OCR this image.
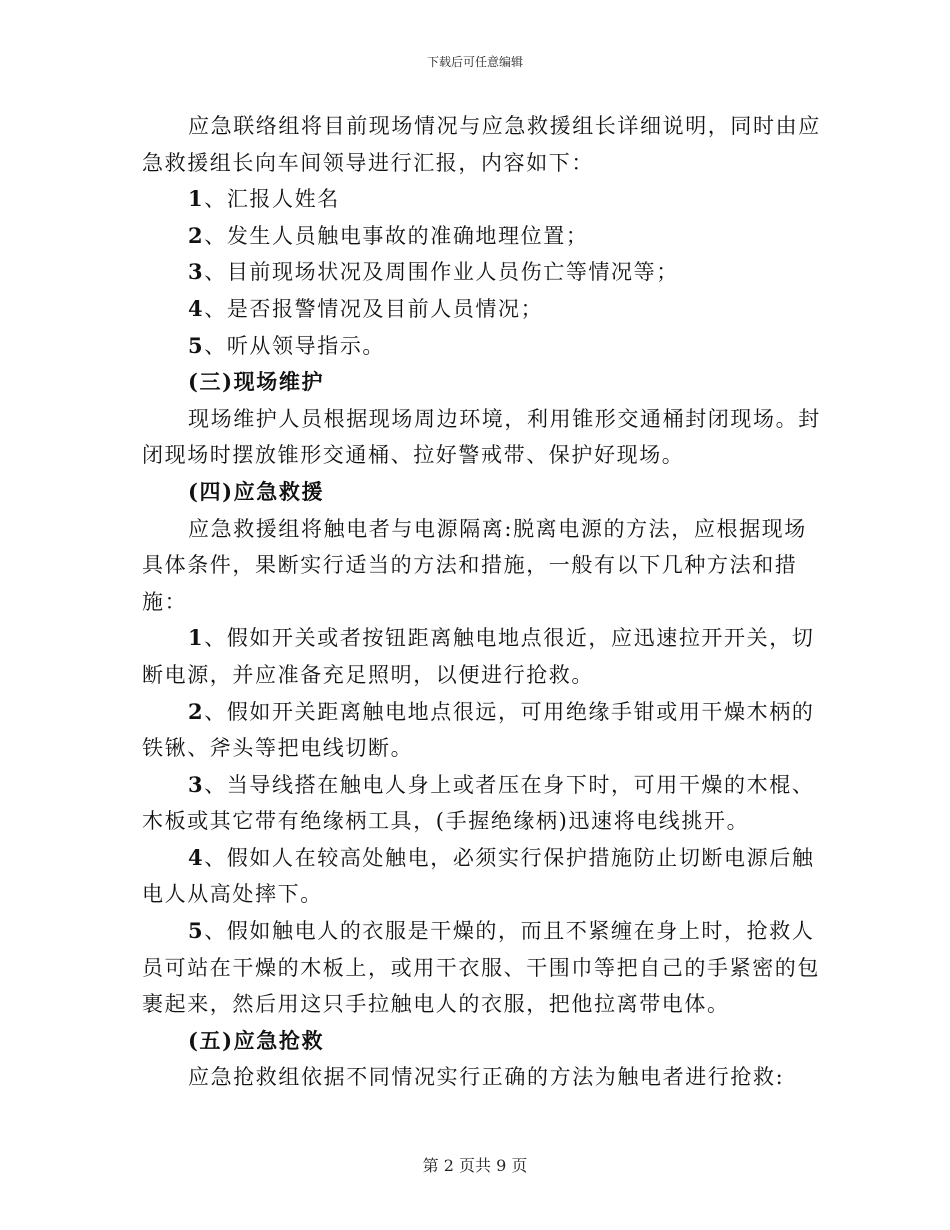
下载后可任意编辑

应急联络组将目前现场情况与应急救援组长详细说明，同时由应急救援组长向车间领导进行汇报，内容如下：

1、汇报人姓名

2、发生人员触电事故的准确地理位置；

3、目前现场状况及周围作业人员伤亡等情况等；

4、是否报警情况及目前人员情况；

5、听从领导指示。

(三)现场维护

现场维护人员根据现场周边环境，利用锥形交通桶封闭现场。封闭现场时摆放锥形交通桶、拉好警戒带、保护好现场。

(四)应急救援

应急救援组将触电者与电源隔离:脱离电源的方法，应根据现场具体条件，果断实行适当的方法和措施，一般有以下几种方法和措施：

1、假如开关或者按钮距离触电地点很近，应迅速拉开开关，切断电源，并应准备充足照明，以便进行抢救。

2、假如开关距离触电地点很远，可用绝缘手钳或用干燥木柄的铁锹、斧头等把电线切断。

3、当导线搭在触电人身上或者压在身下时，可用干燥的木棍、木板或其它带有绝缘柄工具，(手握绝缘柄)迅速将电线挑开。

4、假如人在较高处触电，必须实行保护措施防止切断电源后触电人从高处摔下。

5、假如触电人的衣服是干燥的，而且不紧缠在身上时，抢救人员可站在干燥的木板上，或用干衣服、干围巾等把自己的手紧密的包裹起来，然后用这只手拉触电人的衣服，把他拉离带电体。

(五)应急抢救

应急抢救组依据不同情况实行正确的方法为触电者进行抢救:

第 2 页共 9 页
